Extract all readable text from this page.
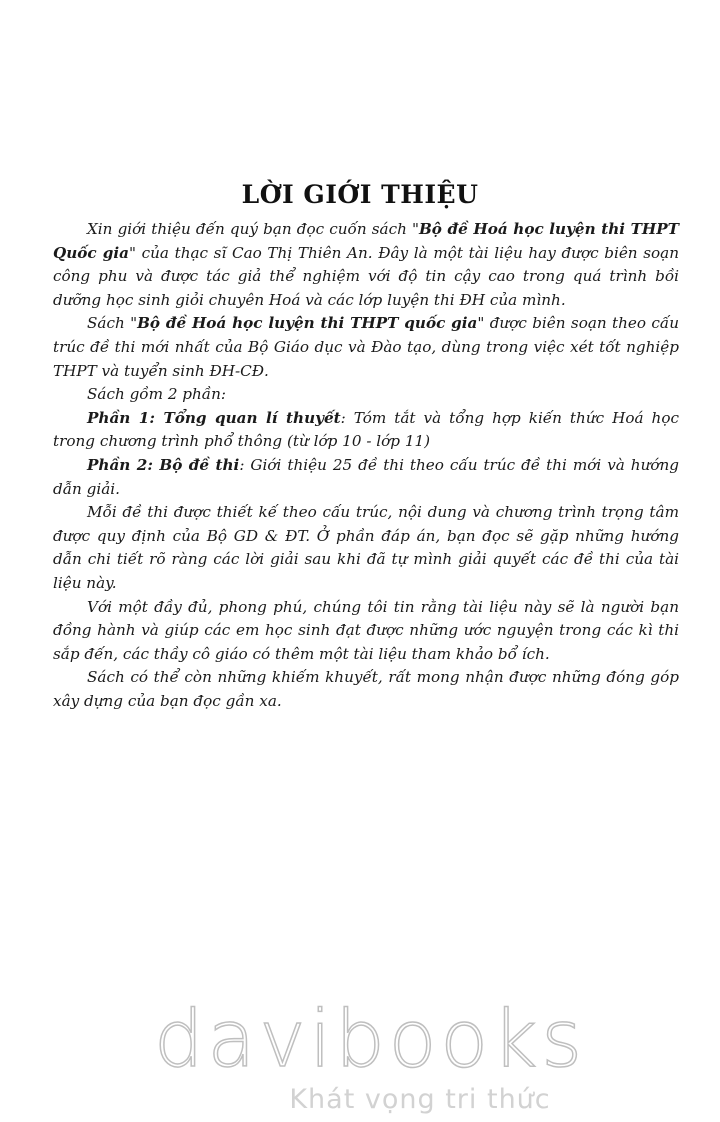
LỜI GIỚI THIỆU

Xin giới thiệu đến quý bạn đọc cuốn sách "Bộ đề Hoá học luyện thi THPT Quốc gia" của thạc sĩ Cao Thị Thiên An. Đây là một tài liệu hay được biên soạn công phu và được tác giả thể nghiệm với độ tin cậy cao trong quá trình bồi dưỡng học sinh giỏi chuyên Hoá và các lớp luyện thi ĐH của mình.

Sách "Bộ đề Hoá học luyện thi THPT quốc gia" được biên soạn theo cấu trúc đề thi mới nhất của Bộ Giáo dục và Đào tạo, dùng trong việc xét tốt nghiệp THPT và tuyển sinh ĐH-CĐ.

Sách gồm 2 phần:

Phần 1: Tổng quan lí thuyết: Tóm tắt và tổng hợp kiến thức Hoá học trong chương trình phổ thông (từ lớp 10 - lớp 11)

Phần 2: Bộ đề thi: Giới thiệu 25 đề thi theo cấu trúc đề thi mới và hướng dẫn giải.

Mỗi đề thi được thiết kế theo cấu trúc, nội dung và chương trình trọng tâm được quy định của Bộ GD & ĐT. Ở phần đáp án, bạn đọc sẽ gặp những hướng dẫn chi tiết rõ ràng các lời giải sau khi đã tự mình giải quyết các đề thi của tài liệu này.

Với một đầy đủ, phong phú, chúng tôi tin rằng tài liệu này sẽ là người bạn đồng hành và giúp các em học sinh đạt được những ước nguyện trong các kì thi sắp đến, các thầy cô giáo có thêm một tài liệu tham khảo bổ ích.

Sách có thể còn những khiếm khuyết, rất mong nhận được những đóng góp xây dựng của bạn đọc gần xa.

davibooks
Khát vọng tri thức
